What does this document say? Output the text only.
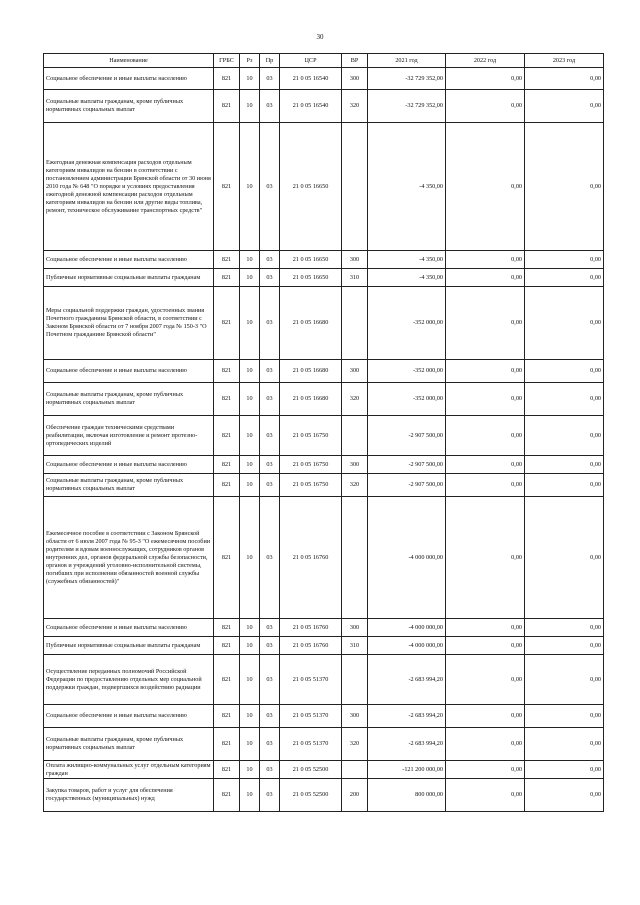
30
Наименование	ГРБС	Рз	Пр	ЦСР	ВР	2021 год	2022 год	2023 год
Социальное обеспечение и иные выплаты населению	821	10	03	21 0 05 16540	300	-32 729 352,00	0,00	0,00
Социальные выплаты гражданам, кроме публичных нормативных социальных выплат	821	10	03	21 0 05 16540	320	-32 729 352,00	0,00	0,00
Ежегодная денежная компенсация расходов отдельным категориям инвалидов на бензин в соответствии с постановлением администрации Брянской области от 30 июня 2010 года № 648 "О порядке и условиях предоставления ежегодной денежной компенсации расходов отдельным категориям инвалидов на бензин или другие виды топлива, ремонт, техническое обслуживание транспортных средств"	821	10	03	21 0 05 16650		-4 350,00	0,00	0,00
Социальное обеспечение и иные выплаты населению	821	10	03	21 0 05 16650	300	-4 350,00	0,00	0,00
Публичные нормативные социальные выплаты гражданам	821	10	03	21 0 05 16650	310	-4 350,00	0,00	0,00
Меры социальной поддержки граждан, удостоенных звания Почетного гражданина Брянской области, в соответствии с Законом Брянской области от 7 ноября 2007 года № 150-З "О Почетном гражданине Брянской области"	821	10	03	21 0 05 16680		-352 000,00	0,00	0,00
Социальное обеспечение и иные выплаты населению	821	10	03	21 0 05 16680	300	-352 000,00	0,00	0,00
Социальные выплаты гражданам, кроме публичных нормативных социальных выплат	821	10	03	21 0 05 16680	320	-352 000,00	0,00	0,00
Обеспечение граждан техническими средствами реабилитации, включая изготовление и ремонт протезно-ортопедических изделий	821	10	03	21 0 05 16750		-2 907 500,00	0,00	0,00
Социальное обеспечение и иные выплаты населению	821	10	03	21 0 05 16750	300	-2 907 500,00	0,00	0,00
Социальные выплаты гражданам, кроме публичных нормативных социальных выплат	821	10	03	21 0 05 16750	320	-2 907 500,00	0,00	0,00
Ежемесячное пособие в соответствии с Законом Брянской области от 6 июля 2007 года № 95-З "О ежемесячном пособии родителям и вдовам военнослужащих, сотрудников органов внутренних дел, органов федеральной службы безопасности, органов и учреждений уголовно-исполнительной системы, погибших при исполнении обязанностей военной службы (служебных обязанностей)"	821	10	03	21 0 05 16760		-4 000 000,00	0,00	0,00
Социальное обеспечение и иные выплаты населению	821	10	03	21 0 05 16760	300	-4 000 000,00	0,00	0,00
Публичные нормативные социальные выплаты гражданам	821	10	03	21 0 05 16760	310	-4 000 000,00	0,00	0,00
Осуществление переданных полномочий Российской Федерации по предоставлению отдельных мер социальной поддержки граждан, подвергшихся воздействию радиации	821	10	03	21 0 05 51370		-2 683 994,20	0,00	0,00
Социальное обеспечение и иные выплаты населению	821	10	03	21 0 05 51370	300	-2 683 994,20	0,00	0,00
Социальные выплаты гражданам, кроме публичных нормативных социальных выплат	821	10	03	21 0 05 51370	320	-2 683 994,20	0,00	0,00
Оплата жилищно-коммунальных услуг отдельным категориям граждан	821	10	03	21 0 05 52500		-121 200 000,00	0,00	0,00
Закупка товаров, работ и услуг для обеспечения государственных (муниципальных) нужд	821	10	03	21 0 05 52500	200	800 000,00	0,00	0,00
